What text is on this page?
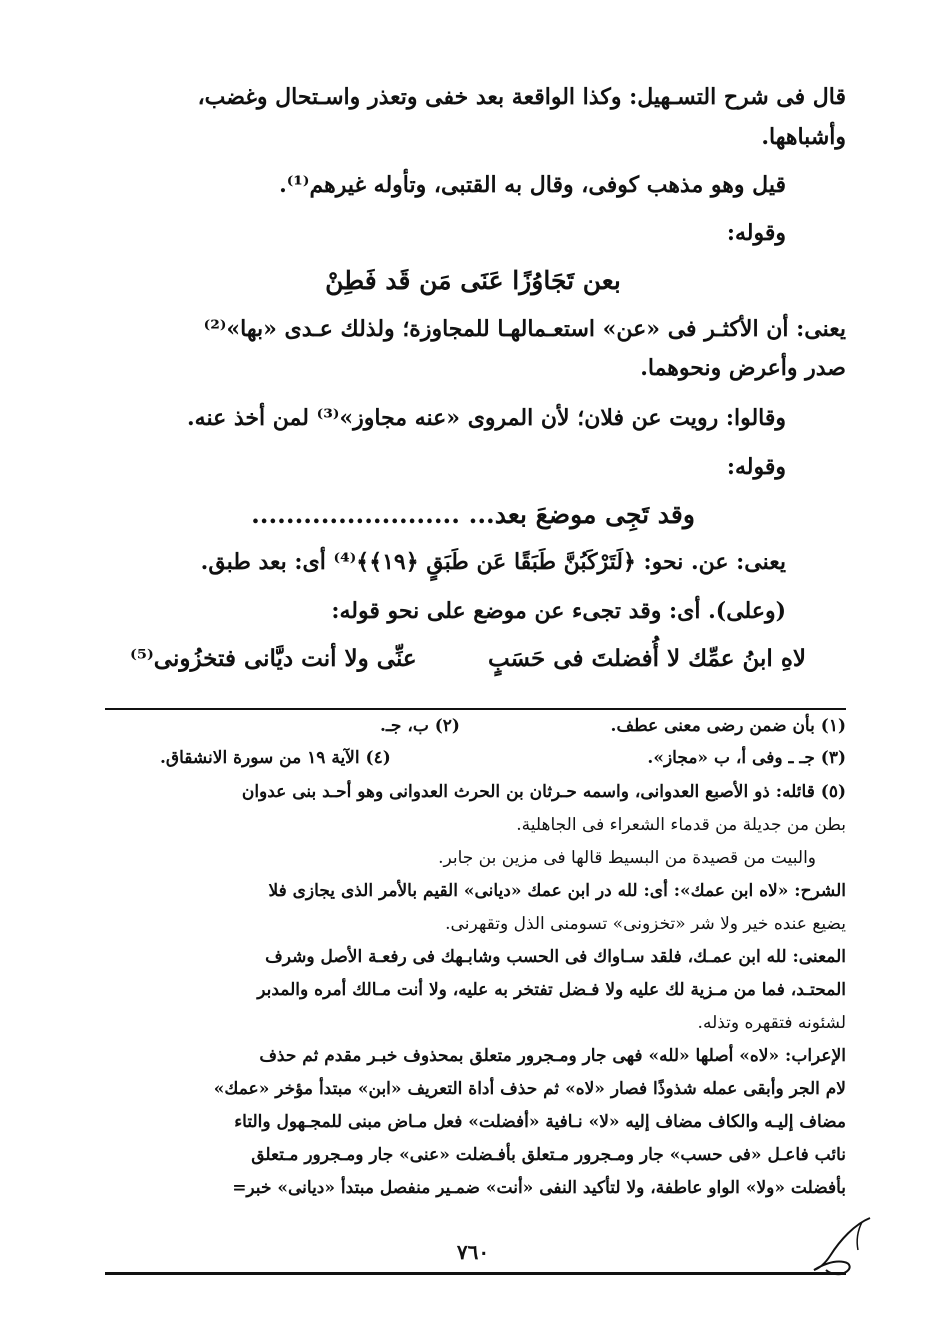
قال فى شرح التسـهيل: وكذا الواقعة بعد خفى وتعذر واسـتحال وغضب،
وأشباهها.
قيل وهو مذهب كوفى، وقال به القتبى، وتأوله غيرهم⁽¹⁾.
وقوله:
بعن تَجَاوُزًا عَنَى مَن قَد فَطِنْ
يعنى: أن الأكثـر فى «عن» استعـمالهـا للمجاوزة؛ ولذلك عـدى «بها»⁽²⁾
صدر وأعرض ونحوهما.
وقالوا: رويت عن فلان؛ لأن المروى «عنه مجاوز»⁽³⁾ لمن أخذ عنه.
وقوله:
وقد تَجِى موضعَ بعد... ........................
يعنى: عن. نحو: ﴿لَتَرْكَبُنَّ طَبَقًا عَن طَبَقٍ ﴿١٩﴾﴾⁽⁴⁾ أى: بعد طبق.
(وعلى). أى: وقد تجىء عن موضع على نحو قوله:
لاهِ ابنُ عمِّك لا أُفضلتَ فى حَسَبٍ
عنِّى ولا أنت ديَّانى فتخزُونى⁽⁵⁾
(١) بأن ضمن رضى معنى عطف.
(٢) ب، جـ.
(٣) جـ ـ وفى أ، ب «مجاز».
(٤) الآية ١٩ من سورة الانشقاق.
(٥) قائله: ذو الأصبع العدوانى، واسمه حـرثان بن الحرث العدوانى وهو أحـد بنى عدوان
بطن من جديلة من قدماء الشعراء فى الجاهلية.
والبيت من قصيدة من البسيط قالها فى مزين بن جابر.
الشرح: «لاه ابن عمك»: أى: لله در ابن عمك «ديانى» القيم بالأمر الذى يجازى فلا
يضيع عنده خير ولا شر «تخزونى» تسومنى الذل وتقهرنى.
المعنى: لله ابن عمـك، فلقد سـاواك فى الحسب وشابـهك فى رفعـة الأصل وشرف
المحتـد، فما من مـزية لك عليه ولا فـضل تفتخر به عليه، ولا أنت مـالك أمره والمدبر
لشئونه فتقهره وتذله.
الإعراب: «لاه» أصلها «لله» فهى جار ومـجرور متعلق بمحذوف خبـر مقدم ثم حذف
لام الجر وأبقى عمله شذوذًا فصار «لاه» ثم حذف أداة التعريف «ابن» مبتدأ مؤخر «عمك»
مضاف إليـه والكاف مضاف إليه «لا» نـافية «أفضلت» فعل مـاض مبنى للمجـهول والتاء
نائب فاعـل «فى حسب» جار ومـجرور مـتعلق بأفـضلت «عنى» جار ومـجرور مـتعلق
بأفضلت «ولا» الواو عاطفة، ولا لتأكيد النفى «أنت» ضمـير منفصل مبتدأ «ديانى» خبر=
٧٦٠
